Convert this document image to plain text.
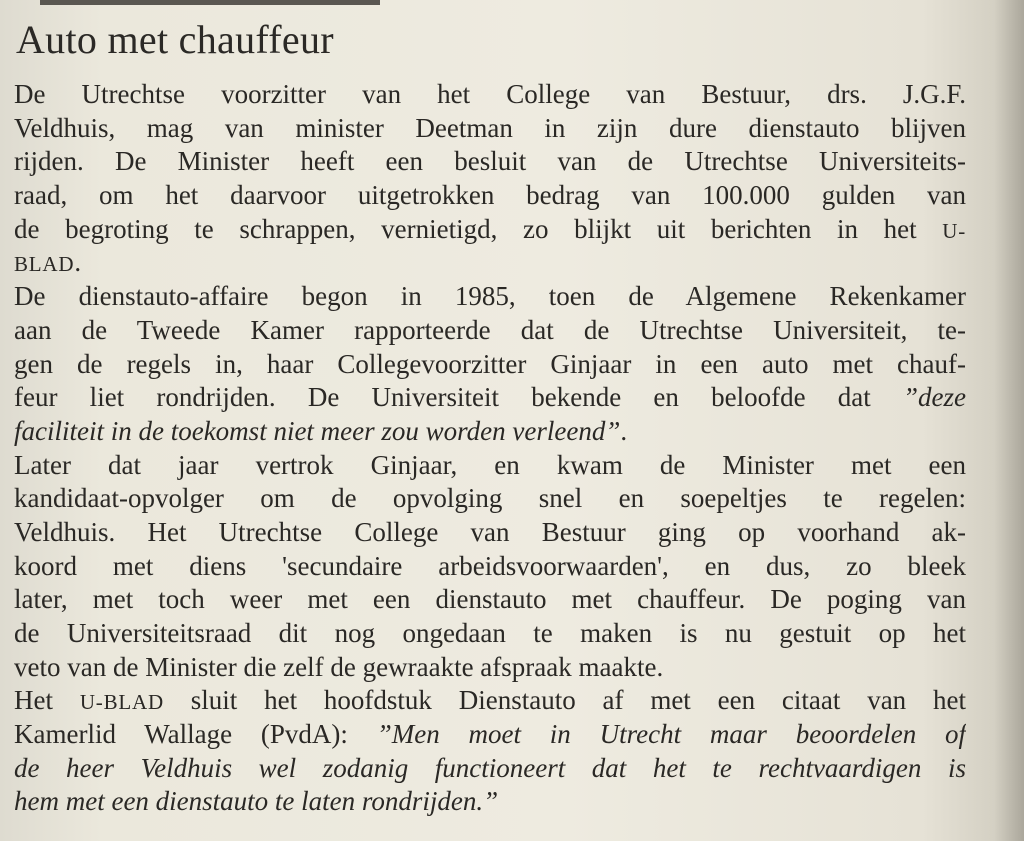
Auto met chauffeur
De Utrechtse voorzitter van het College van Bestuur, drs. J.G.F.
Veldhuis, mag van minister Deetman in zijn dure dienstauto blijven
rijden. De Minister heeft een besluit van de Utrechtse Universiteits-
raad, om het daarvoor uitgetrokken bedrag van 100.000 gulden van
de begroting te schrappen, vernietigd, zo blijkt uit berichten in het U-
BLAD.
De dienstauto-affaire begon in 1985, toen de Algemene Rekenkamer
aan de Tweede Kamer rapporteerde dat de Utrechtse Universiteit, te-
gen de regels in, haar Collegevoorzitter Ginjaar in een auto met chauf-
feur liet rondrijden. De Universiteit bekende en beloofde dat ”deze
faciliteit in de toekomst niet meer zou worden verleend”.
Later dat jaar vertrok Ginjaar, en kwam de Minister met een
kandidaat-opvolger om de opvolging snel en soepeltjes te regelen:
Veldhuis. Het Utrechtse College van Bestuur ging op voorhand ak-
koord met diens 'secundaire arbeidsvoorwaarden', en dus, zo bleek
later, met toch weer met een dienstauto met chauffeur. De poging van
de Universiteitsraad dit nog ongedaan te maken is nu gestuit op het
veto van de Minister die zelf de gewraakte afspraak maakte.
Het U-BLAD sluit het hoofdstuk Dienstauto af met een citaat van het
Kamerlid Wallage (PvdA): ”Men moet in Utrecht maar beoordelen of
de heer Veldhuis wel zodanig functioneert dat het te rechtvaardigen is
hem met een dienstauto te laten rondrijden.”
